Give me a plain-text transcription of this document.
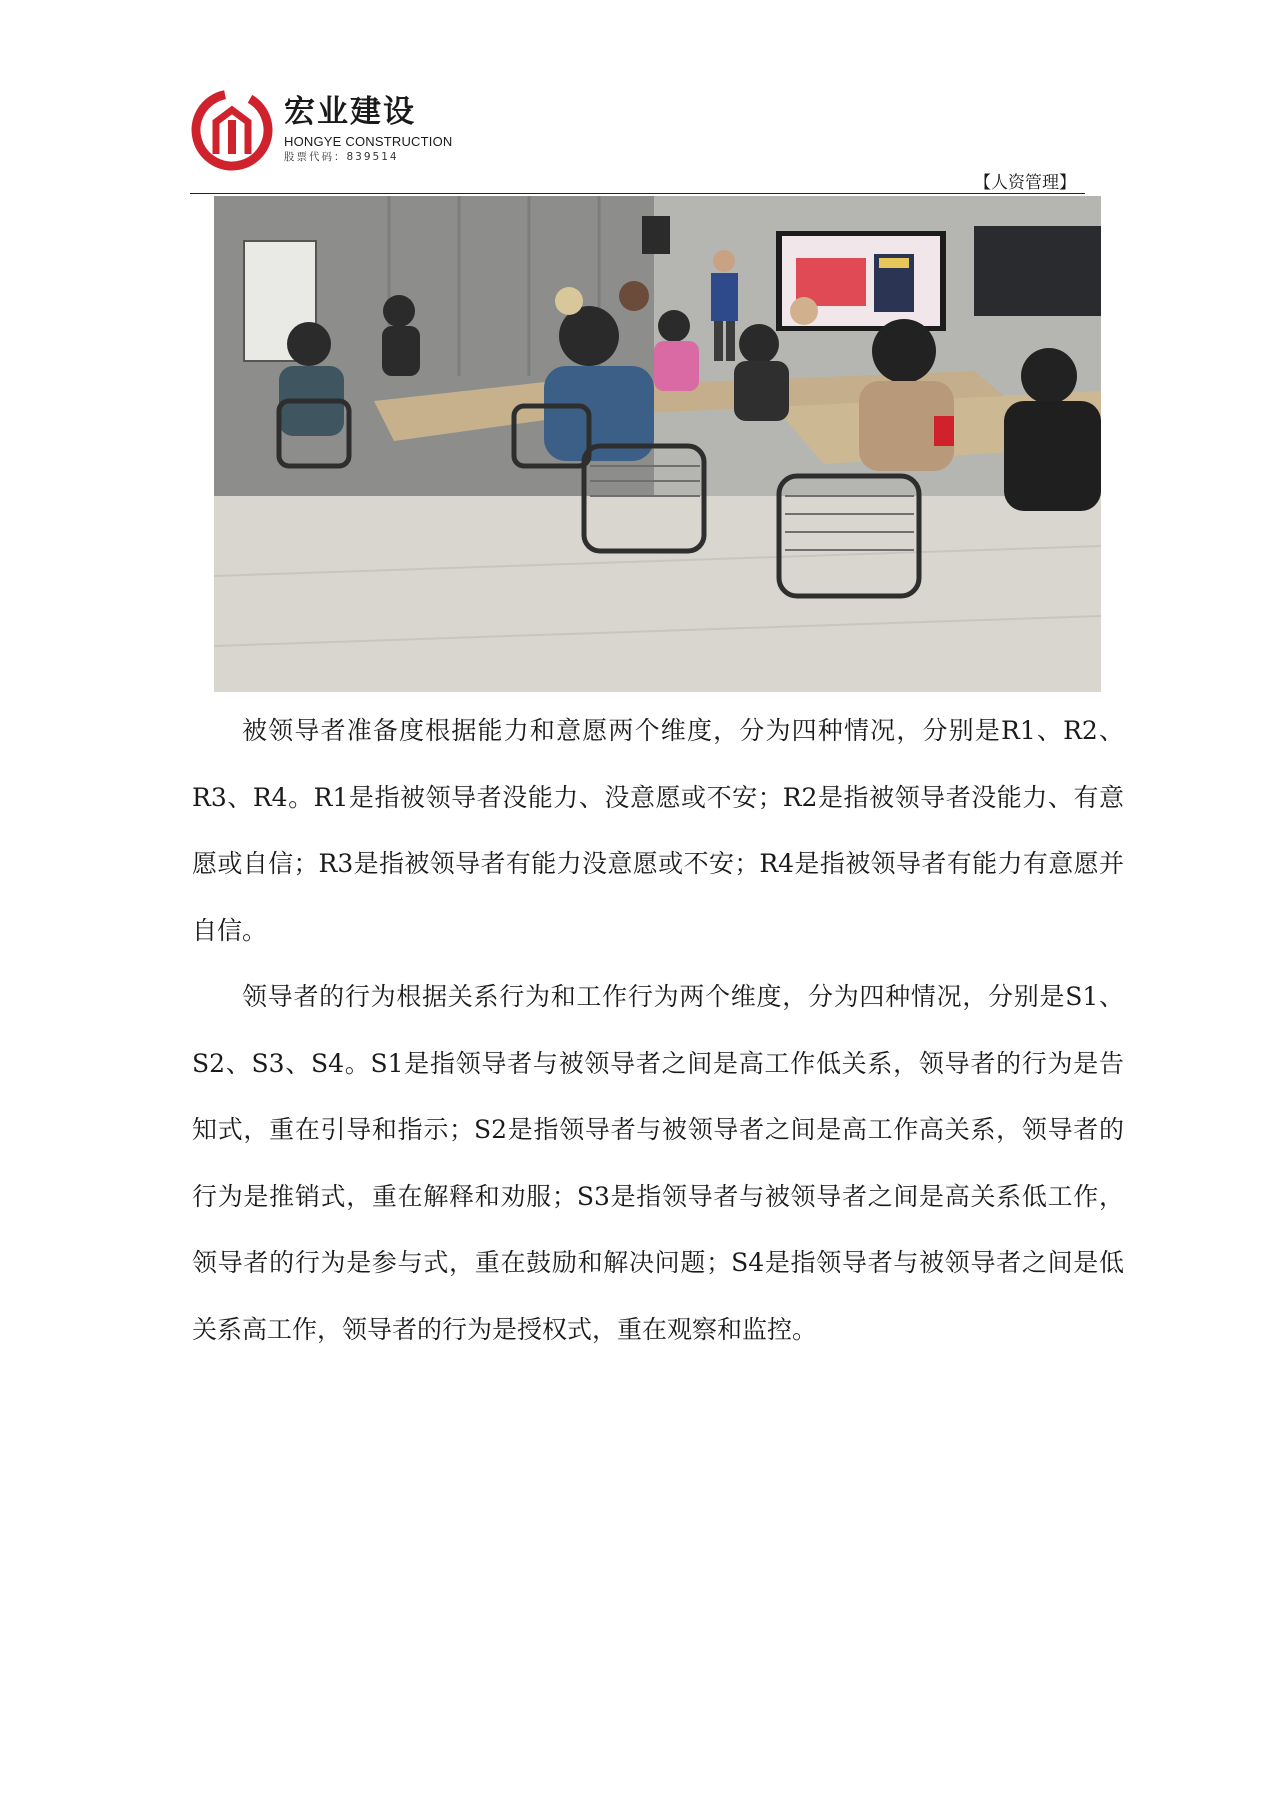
宏业建设
HONGYE CONSTRUCTION
股票代码：839514
【人资管理】

被领导者准备度根据能力和意愿两个维度，分为四种情况，分别是R1、R2、R3、R4。R1是指被领导者没能力、没意愿或不安；R2是指被领导者没能力、有意愿或自信；R3是指被领导者有能力没意愿或不安；R4是指被领导者有能力有意愿并自信。

领导者的行为根据关系行为和工作行为两个维度，分为四种情况，分别是S1、S2、S3、S4。S1是指领导者与被领导者之间是高工作低关系，领导者的行为是告知式，重在引导和指示；S2是指领导者与被领导者之间是高工作高关系，领导者的行为是推销式，重在解释和劝服；S3是指领导者与被领导者之间是高关系低工作，领导者的行为是参与式，重在鼓励和解决问题；S4是指领导者与被领导者之间是低关系高工作，领导者的行为是授权式，重在观察和监控。
